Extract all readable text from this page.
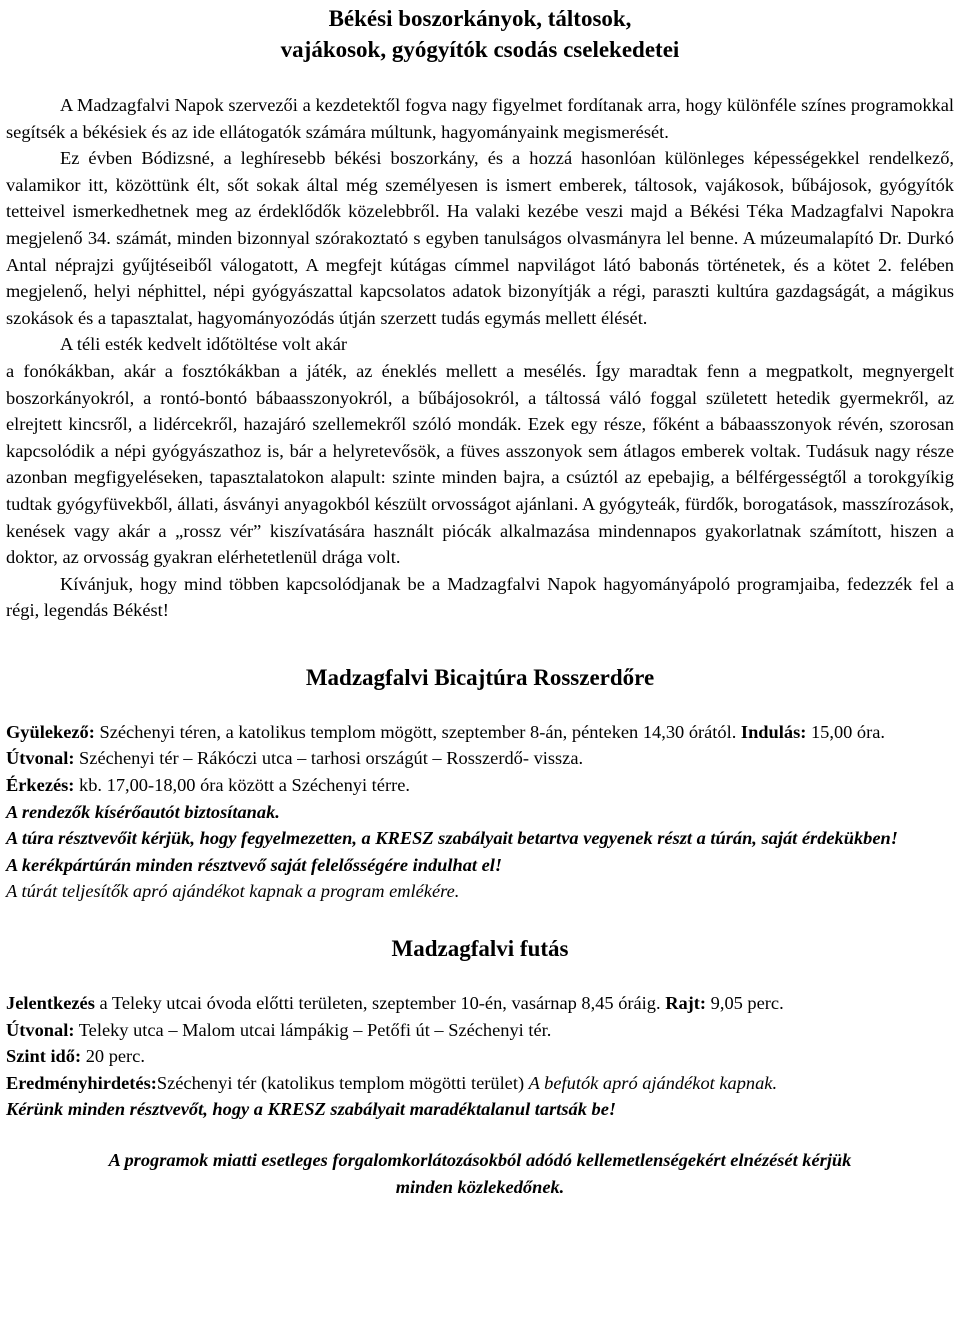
Békési boszorkányok, táltosok,
vajákosok, gyógyítók csodás cselekedetei

A Madzagfalvi Napok szervezői a kezdetektől fogva nagy figyelmet fordítanak arra, hogy különféle színes programokkal segítsék a békésiek és az ide ellátogatók számára múltunk, hagyományaink megismerését.

Ez évben Bódizsné, a leghíresebb békési boszorkány, és a hozzá hasonlóan különleges képességekkel rendelkező, valamikor itt, közöttünk élt, sőt sokak által még személyesen is ismert emberek, táltosok, vajákosok, bűbájosok, gyógyítók tetteivel ismerkedhetnek meg az érdeklődők közelebbről. Ha valaki kezébe veszi majd a Békési Téka Madzagfalvi Napokra megjelenő 34. számát, minden bizonnyal szórakoztató s egyben tanulságos olvasmányra lel benne. A múzeumalapító Dr. Durkó Antal néprajzi gyűjtéseiből válogatott, A megfejt kútágas címmel napvilágot látó babonás történetek, és a kötet 2. felében megjelenő, helyi néphittel, népi gyógyászattal kapcsolatos adatok bizonyítják a régi, paraszti kultúra gazdagságát, a mágikus szokások és a tapasztalat, hagyományozódás útján szerzett tudás egymás mellett élését.

A téli esték kedvelt időtöltése volt akár

a fonókákban, akár a fosztókákban a játék, az éneklés mellett a mesélés. Így maradtak fenn a megpatkolt, megnyergelt boszorkányokról, a rontó-bontó bábaasszonyokról, a bűbájosokról, a táltossá váló foggal született hetedik gyermekről, az elrejtett kincsről, a lidércekről, hazajáró szellemekről szóló mondák. Ezek egy része, főként a bábaasszonyok révén, szorosan kapcsolódik a népi gyógyászathoz is, bár a helyretevősök, a füves asszonyok sem átlagos emberek voltak. Tudásuk nagy része azonban megfigyeléseken, tapasztalatokon alapult: szinte minden bajra, a csúztól az epebajig, a bélférgességtől a torokgyíkig tudtak gyógyfüvekből, állati, ásványi anyagokból készült orvosságot ajánlani. A gyógyteák, fürdők, borogatások, masszírozások, kenések vagy akár a „rossz vér” kiszívatására használt piócák alkalmazása mindennapos gyakorlatnak számított, hiszen a doktor, az orvosság gyakran elérhetetlenül drága volt.

Kívánjuk, hogy mind többen kapcsolódjanak be a Madzagfalvi Napok hagyományápoló programjaiba, fedezzék fel a régi, legendás Békést!

Madzagfalvi Bicajtúra Rosszerdőre

Gyülekező: Széchenyi téren, a katolikus templom mögött, szeptember 8-án, pénteken 14,30 órától. Indulás: 15,00 óra.

Útvonal: Széchenyi tér – Rákóczi utca – tarhosi országút – Rosszerdő- vissza.

Érkezés: kb. 17,00-18,00 óra között a Széchenyi térre.

A rendezők kísérőautót biztosítanak.

A túra résztvevőit kérjük, hogy fegyelmezetten, a KRESZ szabályait betartva vegyenek részt a túrán, saját érdekükben!

A kerékpártúrán minden résztvevő saját felelősségére indulhat el!

A túrát teljesítők apró ajándékot kapnak a program emlékére.

Madzagfalvi futás

Jelentkezés a Teleky utcai óvoda előtti területen, szeptember 10-én, vasárnap 8,45 óráig. Rajt: 9,05 perc.

Útvonal: Teleky utca – Malom utcai lámpákig – Petőfi út – Széchenyi tér.

Szint idő: 20 perc.

Eredményhirdetés:Széchenyi tér (katolikus templom mögötti terület) A befutók apró ajándékot kapnak.

Kérünk minden résztvevőt, hogy a KRESZ szabályait maradéktalanul tartsák be!

A programok miatti esetleges forgalomkorlátozásokból adódó kellemetlenségekért elnézését kérjük
minden közlekedőnek.
